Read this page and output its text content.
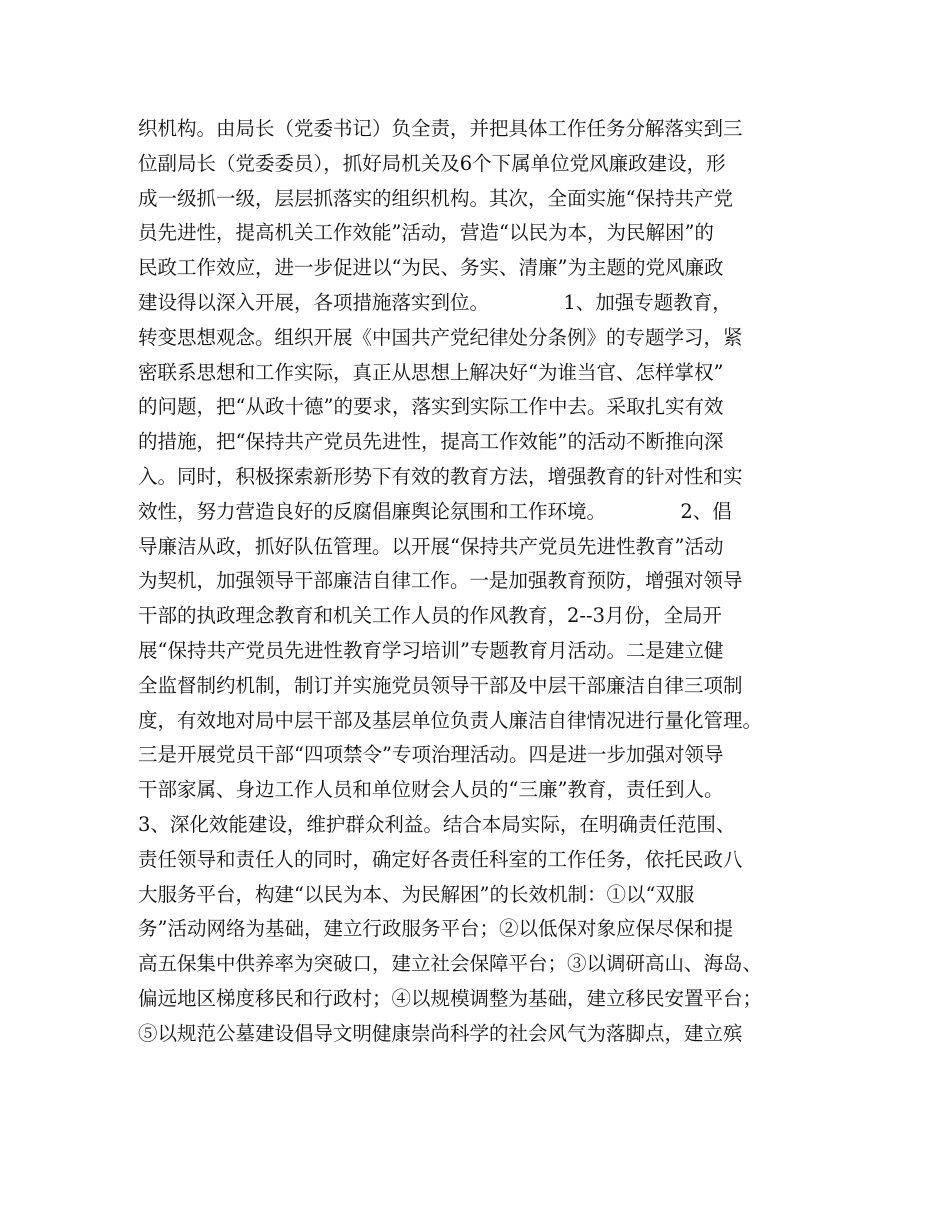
织机构。由局长（党委书记）负全责，并把具体工作任务分解落实到三
位副局长（党委委员），抓好局机关及6个下属单位党风廉政建设，形
成一级抓一级，层层抓落实的组织机构。其次，全面实施“保持共产党
员先进性，提高机关工作效能”活动，营造“以民为本，为民解困”的
民政工作效应，进一步促进以“为民、务实、清廉”为主题的党风廉政
建设得以深入开展，各项措施落实到位。            1、加强专题教育，
转变思想观念。组织开展《中国共产党纪律处分条例》的专题学习，紧
密联系思想和工作实际，真正从思想上解决好“为谁当官、怎样掌权”
的问题，把“从政十德”的要求，落实到实际工作中去。采取扎实有效
的措施，把“保持共产党员先进性，提高工作效能”的活动不断推向深
入。同时，积极探索新形势下有效的教育方法，增强教育的针对性和实
效性，努力营造良好的反腐倡廉舆论氛围和工作环境。            2、倡
导廉洁从政，抓好队伍管理。以开展“保持共产党员先进性教育”活动
为契机，加强领导干部廉洁自律工作。一是加强教育预防，增强对领导
干部的执政理念教育和机关工作人员的作风教育，2--3月份，全局开
展“保持共产党员先进性教育学习培训”专题教育月活动。二是建立健
全监督制约机制，制订并实施党员领导干部及中层干部廉洁自律三项制
度，有效地对局中层干部及基层单位负责人廉洁自律情况进行量化管理。
三是开展党员干部“四项禁令”专项治理活动。四是进一步加强对领导
干部家属、身边工作人员和单位财会人员的“三廉”教育，责任到人。
3、深化效能建设，维护群众利益。结合本局实际，在明确责任范围、
责任领导和责任人的同时，确定好各责任科室的工作任务，依托民政八
大服务平台，构建“以民为本、为民解困”的长效机制：①以“双服
务”活动网络为基础，建立行政服务平台；②以低保对象应保尽保和提
高五保集中供养率为突破口，建立社会保障平台；③以调研高山、海岛、
偏远地区梯度移民和行政村；④以规模调整为基础，建立移民安置平台；
⑤以规范公墓建设倡导文明健康崇尚科学的社会风气为落脚点，建立殡
